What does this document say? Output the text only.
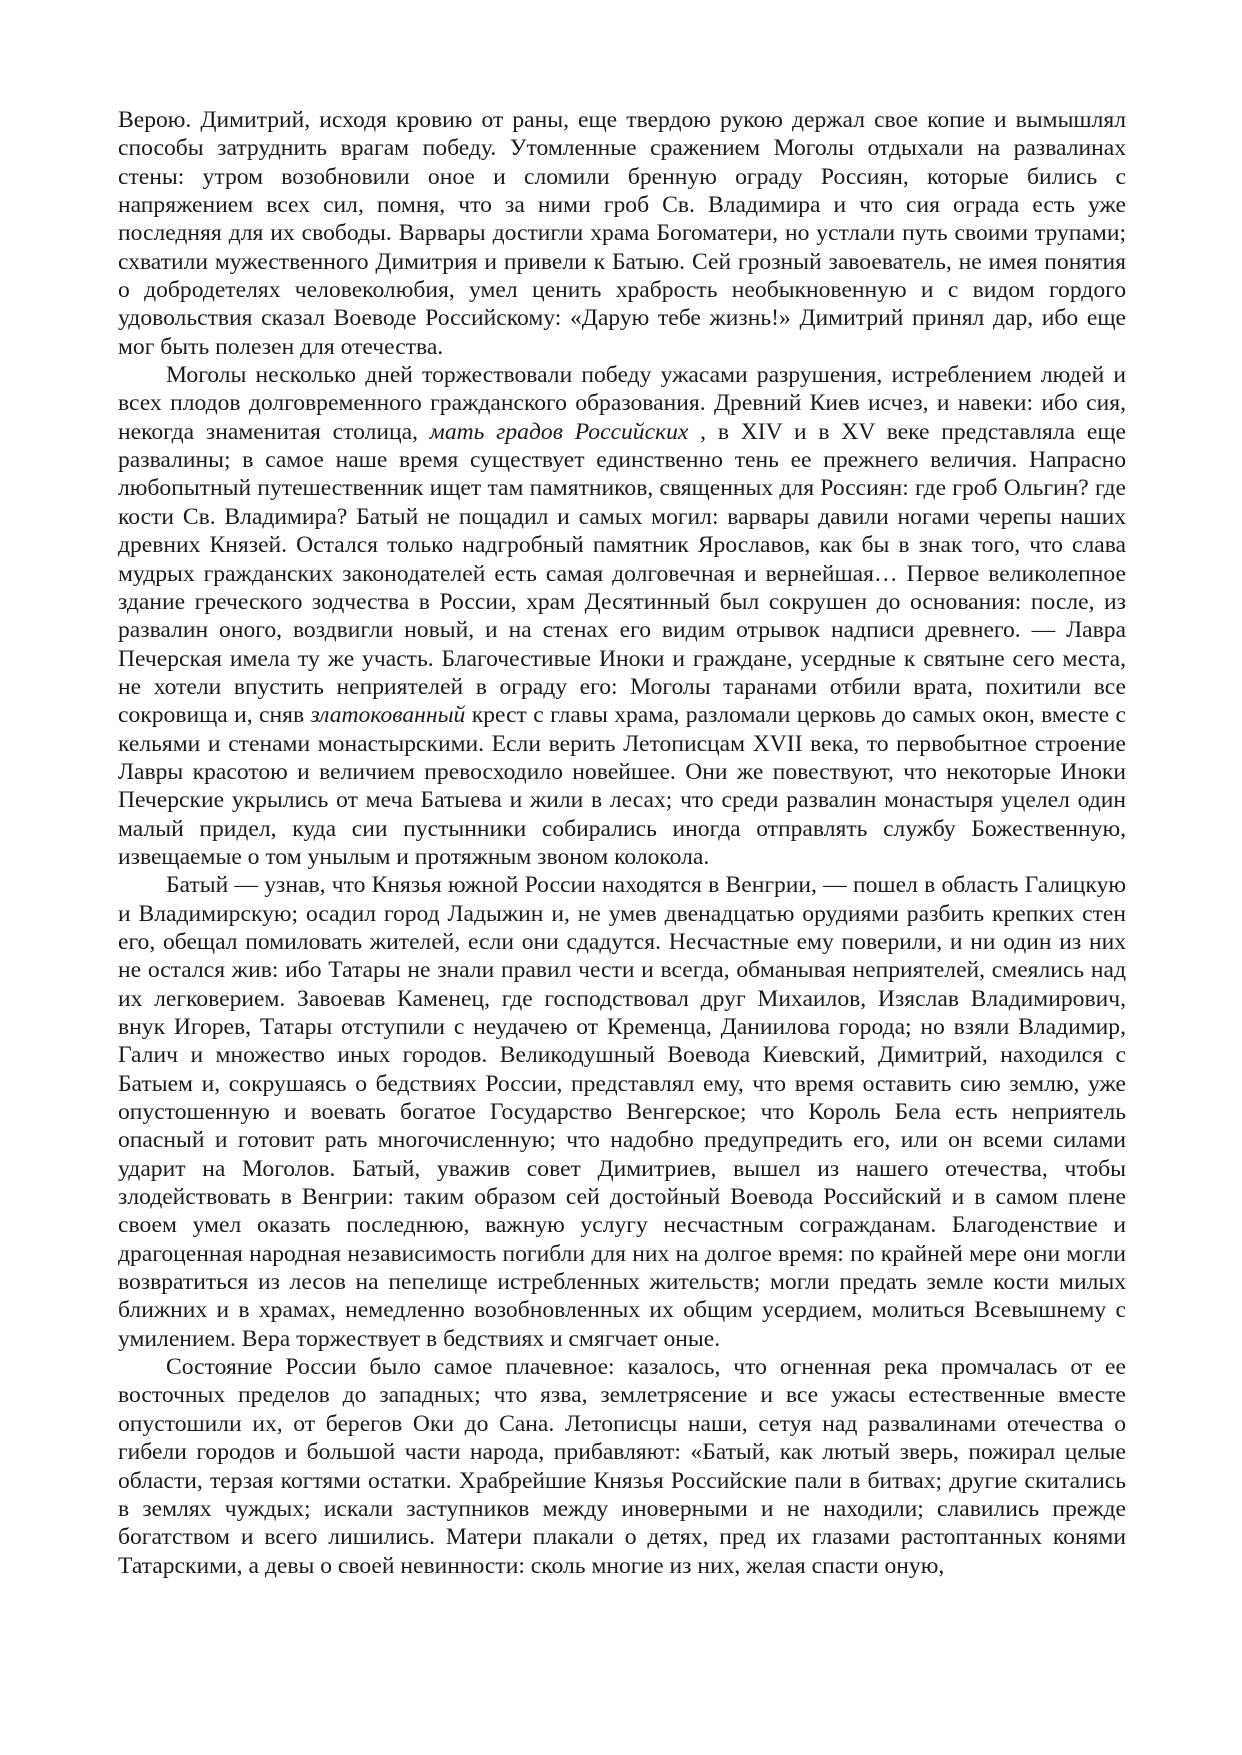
Верою. Димитрий, исходя кровию от раны, еще твердою рукою держал свое копие и вымышлял способы затруднить врагам победу. Утомленные сражением Моголы отдыхали на развалинах стены: утром возобновили оное и сломили бренную ограду Россиян, которые бились с напряжением всех сил, помня, что за ними гроб Св. Владимира и что сия ограда есть уже последняя для их свободы. Варвары достигли храма Богоматери, но устлали путь своими трупами; схватили мужественного Димитрия и привели к Батыю. Сей грозный завоеватель, не имея понятия о добродетелях человеколюбия, умел ценить храбрость необыкновенную и с видом гордого удовольствия сказал Воеводе Российскому: «Дарую тебе жизнь!» Димитрий принял дар, ибо еще мог быть полезен для отечества.

Моголы несколько дней торжествовали победу ужасами разрушения, истреблением людей и всех плодов долговременного гражданского образования. Древний Киев исчез, и навеки: ибо сия, некогда знаменитая столица, мать градов Российских , в XIV и в XV веке представляла еще развалины; в самое наше время существует единственно тень ее прежнего величия. Напрасно любопытный путешественник ищет там памятников, священных для Россиян: где гроб Ольгин? где кости Св. Владимира? Батый не пощадил и самых могил: варвары давили ногами черепы наших древних Князей. Остался только надгробный памятник Ярославов, как бы в знак того, что слава мудрых гражданских законодателей есть самая долговечная и вернейшая… Первое великолепное здание греческого зодчества в России, храм Десятинный был сокрушен до основания: после, из развалин оного, воздвигли новый, и на стенах его видим отрывок надписи древнего. — Лавра Печерская имела ту же участь. Благочестивые Иноки и граждане, усердные к святыне сего места, не хотели впустить неприятелей в ограду его: Моголы таранами отбили врата, похитили все сокровища и, сняв златокованный крест с главы храма, разломали церковь до самых окон, вместе с кельями и стенами монастырскими. Если верить Летописцам XVII века, то первобытное строение Лавры красотою и величием превосходило новейшее. Они же повествуют, что некоторые Иноки Печерские укрылись от меча Батыева и жили в лесах; что среди развалин монастыря уцелел один малый придел, куда сии пустынники собирались иногда отправлять службу Божественную, извещаемые о том унылым и протяжным звоном колокола.

Батый — узнав, что Князья южной России находятся в Венгрии, — пошел в область Галицкую и Владимирскую; осадил город Ладыжин и, не умев двенадцатью орудиями разбить крепких стен его, обещал помиловать жителей, если они сдадутся. Несчастные ему поверили, и ни один из них не остался жив: ибо Татары не знали правил чести и всегда, обманывая неприятелей, смеялись над их легковерием. Завоевав Каменец, где господствовал друг Михаилов, Изяслав Владимирович, внук Игорев, Татары отступили с неудачею от Кременца, Даниилова города; но взяли Владимир, Галич и множество иных городов. Великодушный Воевода Киевский, Димитрий, находился с Батыем и, сокрушаясь о бедствиях России, представлял ему, что время оставить сию землю, уже опустошенную и воевать богатое Государство Венгерское; что Король Бела есть неприятель опасный и готовит рать многочисленную; что надобно предупредить его, или он всеми силами ударит на Моголов. Батый, уважив совет Димитриев, вышел из нашего отечества, чтобы злодействовать в Венгрии: таким образом сей достойный Воевода Российский и в самом плене своем умел оказать последнюю, важную услугу несчастным согражданам. Благоденствие и драгоценная народная независимость погибли для них на долгое время: по крайней мере они могли возвратиться из лесов на пепелище истребленных жительств; могли предать земле кости милых ближних и в храмах, немедленно возобновленных их общим усердием, молиться Всевышнему с умилением. Вера торжествует в бедствиях и смягчает оные.

Состояние России было самое плачевное: казалось, что огненная река промчалась от ее восточных пределов до западных; что язва, землетрясение и все ужасы естественные вместе опустошили их, от берегов Оки до Сана. Летописцы наши, сетуя над развалинами отечества о гибели городов и большой части народа, прибавляют: «Батый, как лютый зверь, пожирал целые области, терзая когтями остатки. Храбрейшие Князья Российские пали в битвах; другие скитались в землях чуждых; искали заступников между иноверными и не находили; славились прежде богатством и всего лишились. Матери плакали о детях, пред их глазами растоптанных конями Татарскими, а девы о своей невинности: сколь многие из них, желая спасти оную,
